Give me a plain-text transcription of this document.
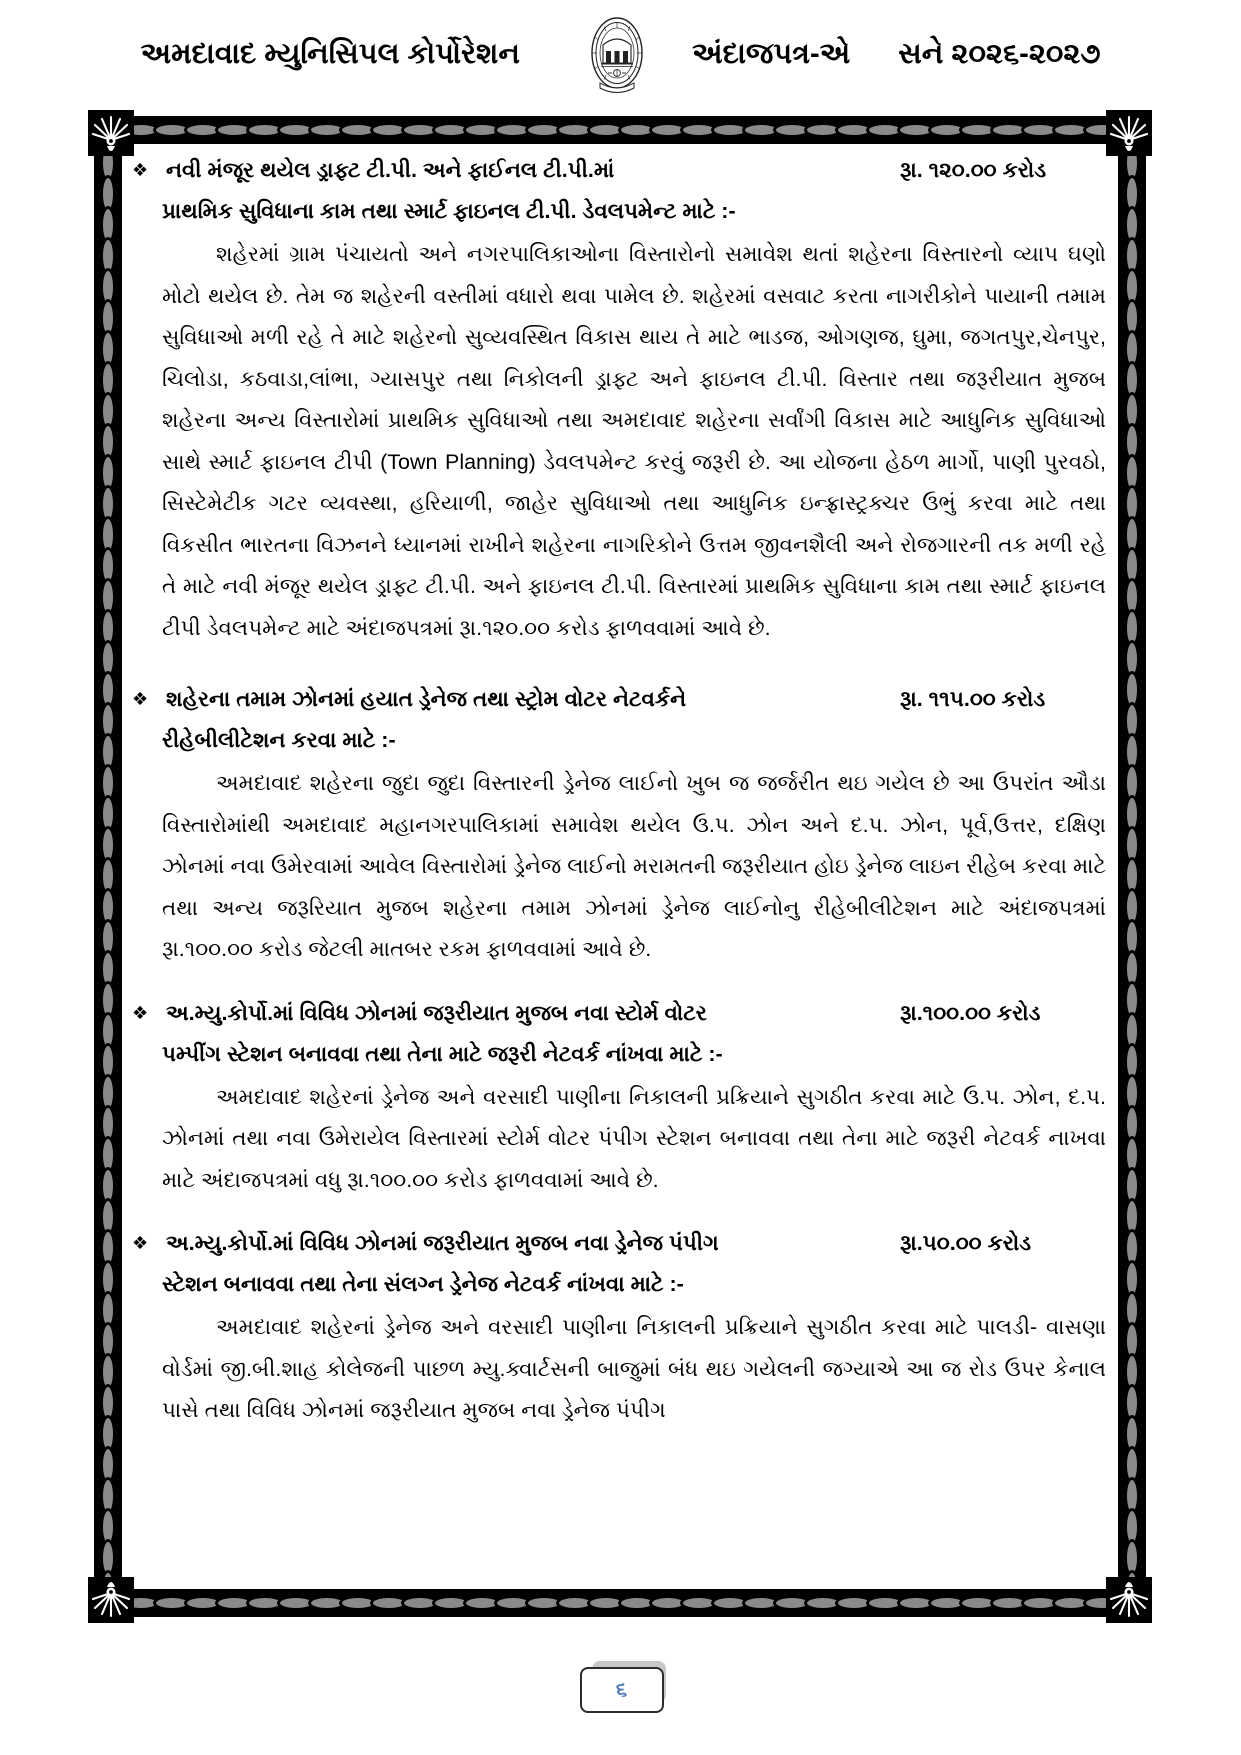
અમદાવાદ મ્યુનિસિપલ કોર્પોરેશન	અંદાજપત્ર-એ સને ૨૦૨૬-૨૦૨૭
❖ નવી મંજૂર થયેલ ડ્રાફ્ટ ટી.પી. અને ફાઈનલ ટી.પી.માં	રૂા. ૧૨૦.૦૦ કરોડ
પ્રાથમિક સુવિધાના કામ તથા સ્માર્ટ ફાઇનલ ટી.પી. ડેવલપમેન્ટ માટે :-
શહેરમાં ગ્રામ પંચાયતો અને નગરપાલિકાઓના વિસ્તારોનો સમાવેશ થતાં શહેરના વિસ્તારનો વ્યાપ ઘણો મોટો થયેલ છે. તેમ જ શહેરની વસ્તીમાં વધારો થવા પામેલ છે. શહેરમાં વસવાટ કરતા નાગરીકોને પાયાની તમામ સુવિધાઓ મળી રહે તે માટે શહેરનો સુવ્યવસ્થિત વિકાસ થાય તે માટે ભાડજ, ઓગણજ, ઘુમા, જગતપુર,ચેનપુર, ચિલોડા, કઠવાડા,લાંભા, ગ્યાસપુર તથા નિકોલની ડ્રાફ્ટ અને ફાઇનલ ટી.પી. વિસ્તાર તથા જરૂરીયાત મુજબ શહેરના અન્ય વિસ્તારોમાં પ્રાથમિક સુવિધાઓ તથા અમદાવાદ શહેરના સર્વાંગી વિકાસ માટે આધુનિક સુવિધાઓ સાથે સ્માર્ટ ફાઇનલ ટીપી (Town Planning) ડેવલપમેન્ટ કરવું જરૂરી છે. આ યોજના હેઠળ માર્ગો, પાણી પુરવઠો, સિસ્ટેમેટીક ગટર વ્યવસ્થા, હરિયાળી, જાહેર સુવિધાઓ તથા આધુનિક ઇન્ફ્રાસ્ટ્રક્ચર ઉભું કરવા માટે તથા વિકસીત ભારતના વિઝનને ધ્યાનમાં રાખીને શહેરના નાગરિકોને ઉત્તમ જીવનશૈલી અને રોજગારની તક મળી રહે તે માટે નવી મંજૂર થયેલ ડ્રાફ્ટ ટી.પી. અને ફાઇનલ ટી.પી. વિસ્તારમાં પ્રાથમિક સુવિધાના કામ તથા સ્માર્ટ ફાઇનલ ટીપી ડેવલપમેન્ટ માટે અંદાજપત્રમાં રૂા.૧૨૦.૦૦ કરોડ ફાળવવામાં આવે છે.
❖ શહેરના તમામ ઝોનમાં હયાત ડ્રેનેજ તથા સ્ટ્રોમ વોટર નેટવર્કને	રૂા. ૧૧૫.૦૦ કરોડ
રીહેબીલીટેશન કરવા માટે :-
અમદાવાદ શહેરના જુદા જુદા વિસ્તારની ડ્રેનેજ લાઈનો ખુબ જ જર્જરીત થઇ ગયેલ છે આ ઉપરાંત ઔડા વિસ્તારોમાંથી અમદાવાદ મહાનગરપાલિકામાં સમાવેશ થયેલ ઉ.પ. ઝોન અને દ.પ. ઝોન, પૂર્વ,ઉત્તર, દક્ષિણ ઝોનમાં નવા ઉમેરવામાં આવેલ વિસ્તારોમાં ડ્રેનેજ લાઈનો મરામતની જરૂરીયાત હોઇ ડ્રેનેજ લાઇન રીહેબ કરવા માટે તથા અન્ય જરૂરિયાત મુજબ શહેરના તમામ ઝોનમાં ડ્રેનેજ લાઈનોનુ રીહેબીલીટેશન માટે અંદાજપત્રમાં રૂા.૧૦૦.૦૦ કરોડ જેટલી માતબર રકમ ફાળવવામાં આવે છે.
❖ અ.મ્યુ.કોર્પો.માં વિવિધ ઝોનમાં જરૂરીયાત મુજબ નવા સ્ટોર્મ વોટર	રૂા.૧૦૦.૦૦ કરોડ
પમ્પીંગ સ્ટેશન બનાવવા તથા તેના માટે જરૂરી નેટવર્ક નાંખવા માટે :-
અમદાવાદ શહેરનાં ડ્રેનેજ અને વરસાદી પાણીના નિકાલની પ્રક્રિયાને સુગઠીત કરવા માટે ઉ.પ. ઝોન, દ.પ. ઝોનમાં તથા નવા ઉમેરાયેલ વિસ્તારમાં સ્ટોર્મ વોટર પંપીગ સ્ટેશન બનાવવા તથા તેના માટે જરૂરી નેટવર્ક નાખવા માટે અંદાજપત્રમાં વધુ રૂા.૧૦૦.૦૦ કરોડ ફાળવવામાં આવે છે.
❖ અ.મ્યુ.કોર્પો.માં વિવિધ ઝોનમાં જરૂરીયાત મુજબ નવા ડ્રેનેજ પંપીગ	રૂા.૫૦.૦૦ કરોડ
સ્ટેશન બનાવવા તથા તેના સંલગ્ન ડ્રેનેજ નેટવર્ક નાંખવા માટે :-
અમદાવાદ શહેરનાં ડ્રેનેજ અને વરસાદી પાણીના નિકાલની પ્રક્રિયાને સુગઠીત કરવા માટે પાલડી- વાસણા વોર્ડમાં જી.બી.શાહ કોલેજની પાછળ મ્યુ.ક્વાર્ટસની બાજુમાં બંધ થઇ ગયેલની જગ્યાએ આ જ રોડ ઉપર કેનાલ પાસે તથા વિવિધ ઝોનમાં જરૂરીયાત મુજબ નવા ડ્રેનેજ પંપીગ
૬
